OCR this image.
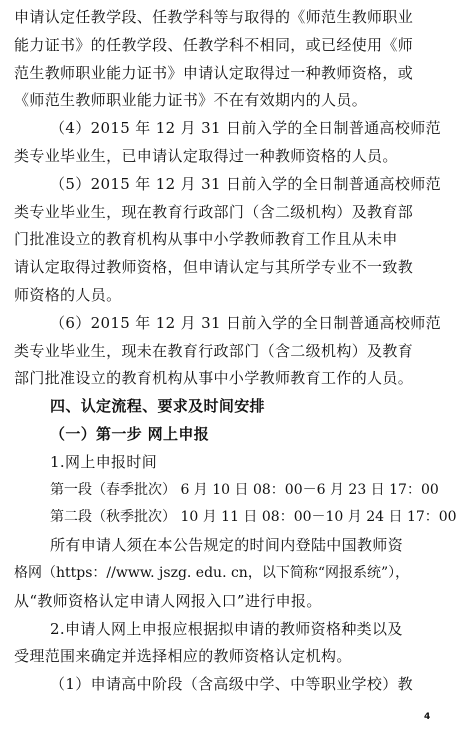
申请认定任教学段、任教学科等与取得的《师范生教师职业
能力证书》的任教学段、任教学科不相同，或已经使用《师
范生教师职业能力证书》申请认定取得过一种教师资格，或
《师范生教师职业能力证书》不在有效期内的人员。
（4）2015 年 12 月 31 日前入学的全日制普通高校师范
类专业毕业生，已申请认定取得过一种教师资格的人员。
（5）2015 年 12 月 31 日前入学的全日制普通高校师范
类专业毕业生，现在教育行政部门（含二级机构）及教育部
门批准设立的教育机构从事中小学教师教育工作且从未申
请认定取得过教师资格，但申请认定与其所学专业不一致教
师资格的人员。
（6）2015 年 12 月 31 日前入学的全日制普通高校师范
类专业毕业生，现未在教育行政部门（含二级机构）及教育
部门批准设立的教育机构从事中小学教师教育工作的人员。
四、认定流程、要求及时间安排
（一）第一步 网上申报
1.网上申报时间
第一段（春季批次） 6 月 10 日 08：00－6 月 23 日 17：00
第二段（秋季批次） 10 月 11 日 08：00－10 月 24 日 17：00
所有申请人须在本公告规定的时间内登陆中国教师资
格网（https：//www. jszg. edu. cn，以下简称“网报系统”），
从“教师资格认定申请人网报入口”进行申报。
2.申请人网上申报应根据拟申请的教师资格种类以及
受理范围来确定并选择相应的教师资格认定机构。
（1）申请高中阶段（含高级中学、中等职业学校）教
4
